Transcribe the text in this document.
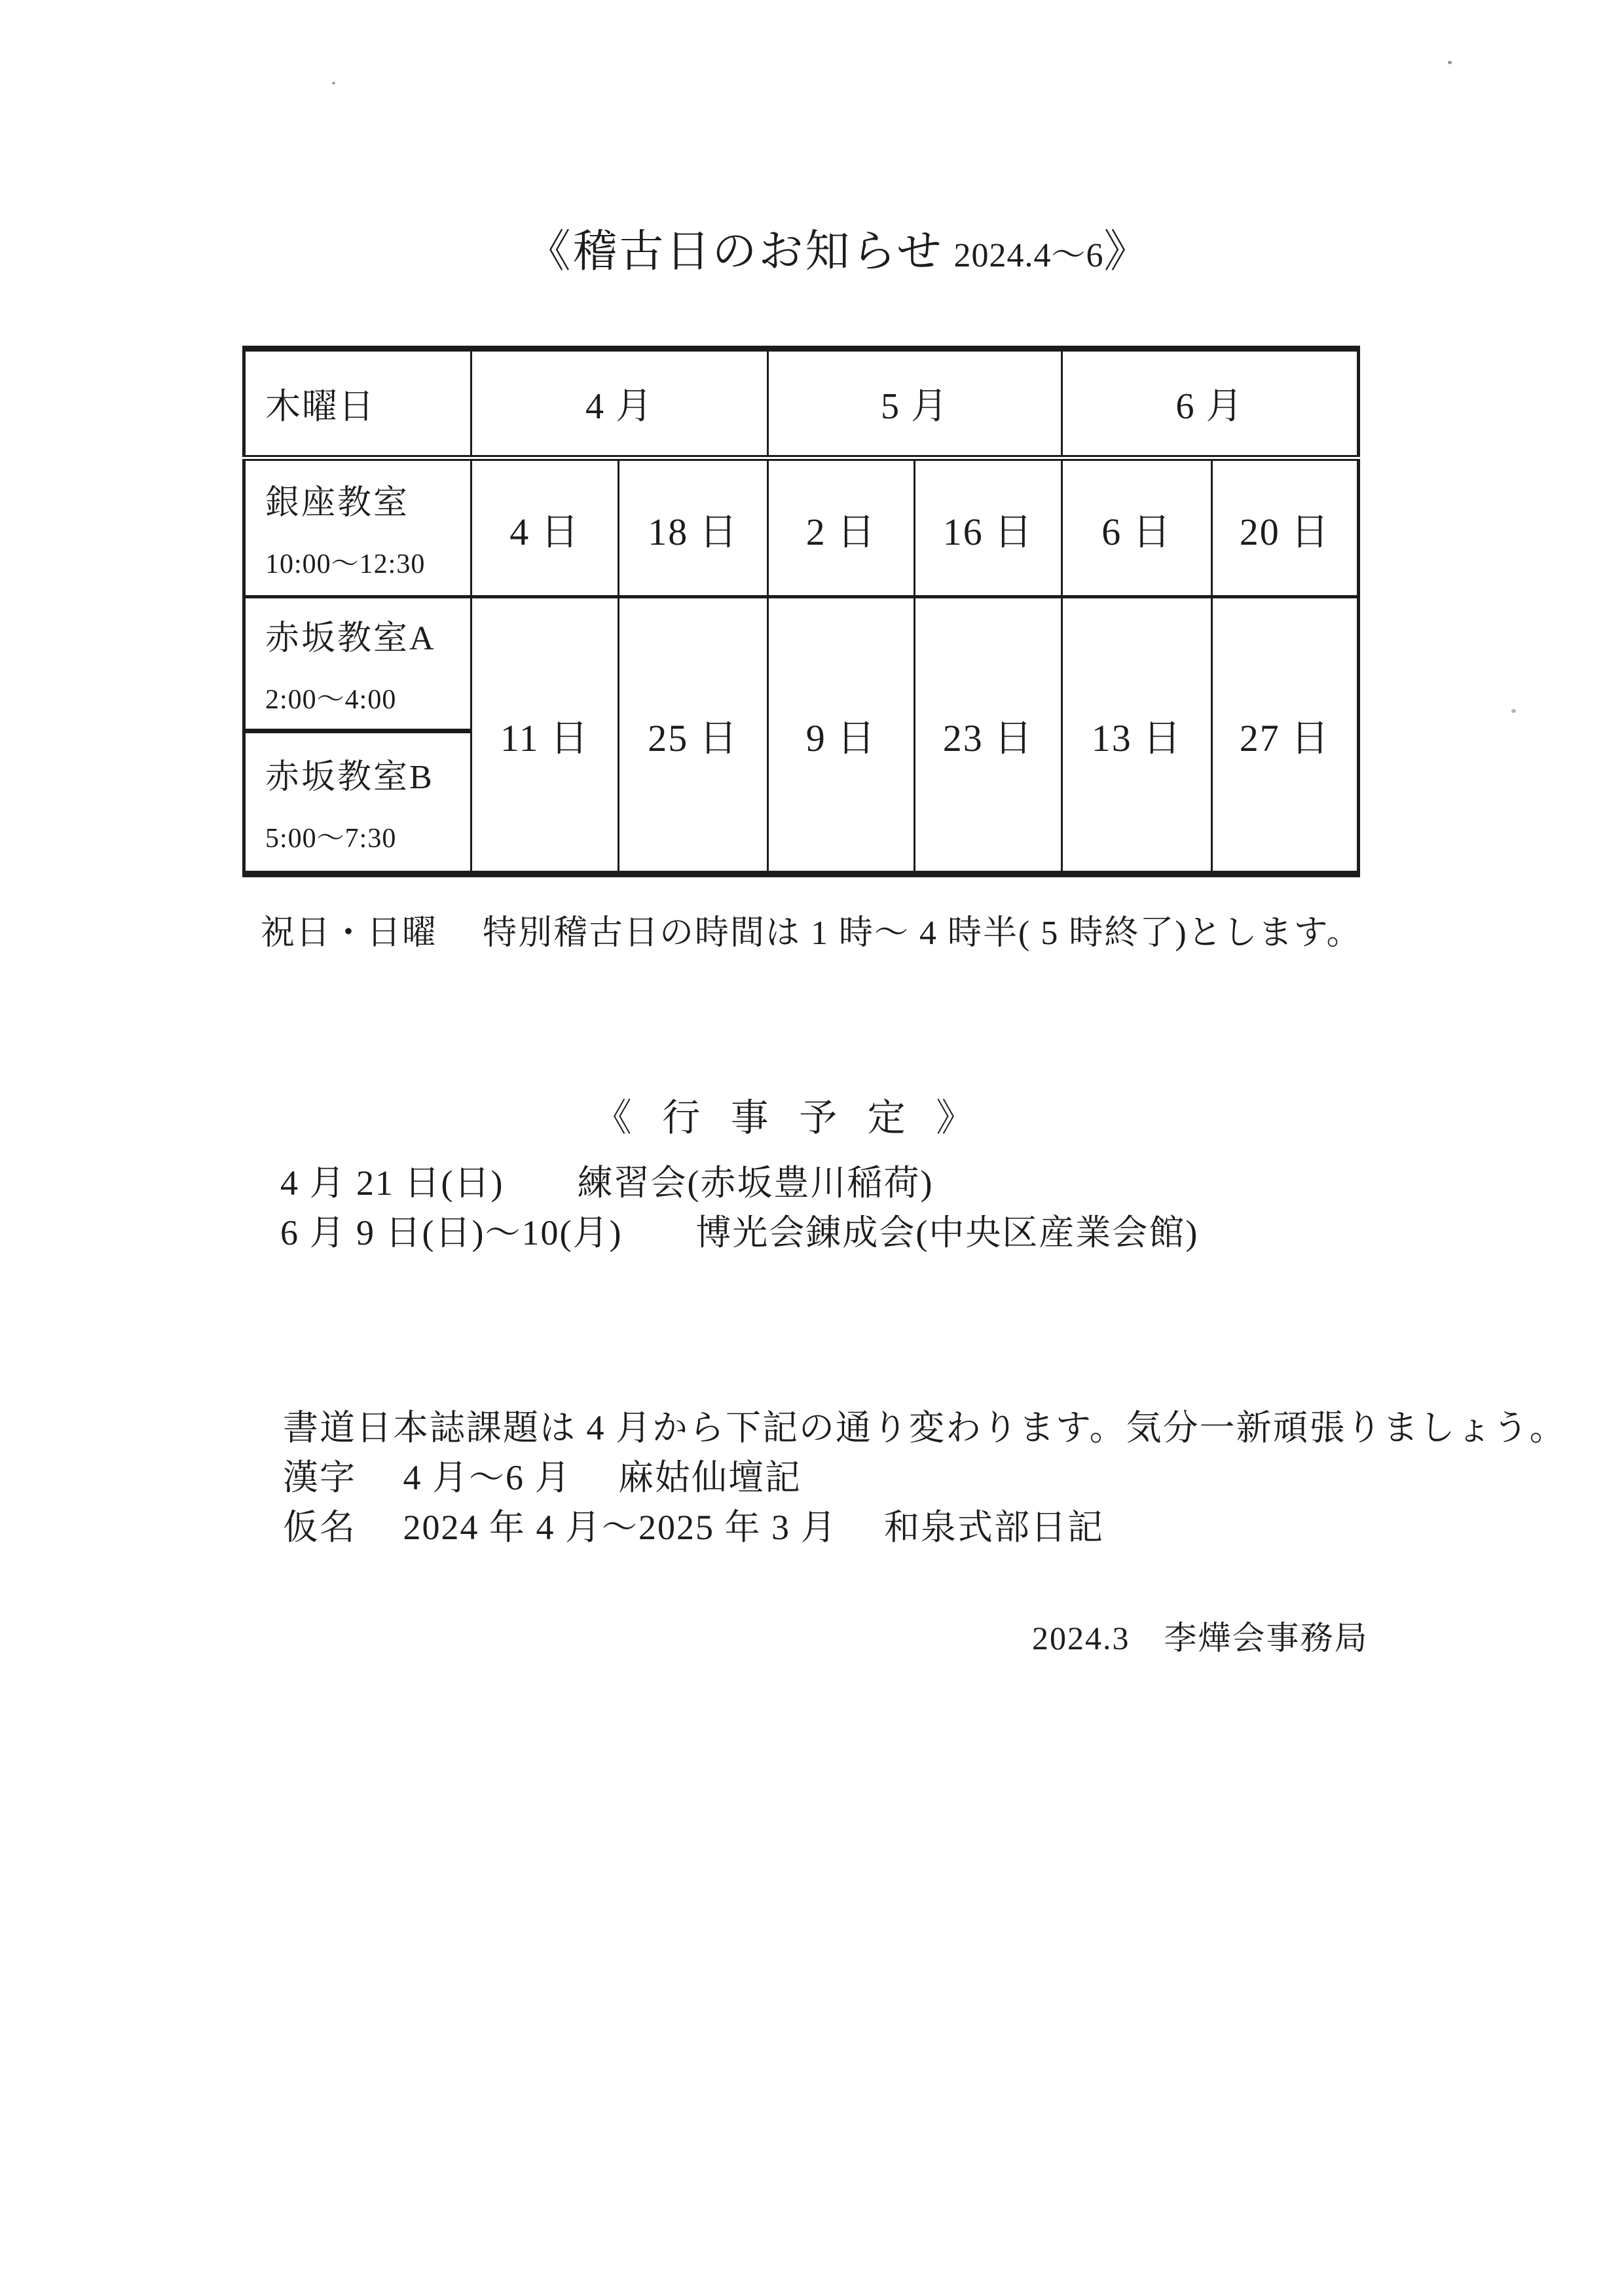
《稽古日のお知らせ 2024.4～6》
木曜日	4 月		5 月		6 月	

銀座教室
10:00～12:30	4 日	18 日	2 日	16 日	6 日	20 日

赤坂教室A
2:00～4:00	11 日	25 日	9 日	23 日	13 日	27 日

赤坂教室B
5:00～7:30						
祝日・日曜　 特別稽古日の時間は 1 時～ 4 時半( 5 時終了)とします。
《 行 事 予 定 》
4 月 21 日(日)　　練習会(赤坂豊川稲荷)
6 月 9 日(日)～10(月)　　博光会錬成会(中央区産業会館)
書道日本誌課題は 4 月から下記の通り変わります。気分一新頑張りましょう。
漢字　 4 月～6 月　 麻姑仙壇記
仮名　 2024 年 4 月～2025 年 3 月　 和泉式部日記
2024.3　李燁会事務局
